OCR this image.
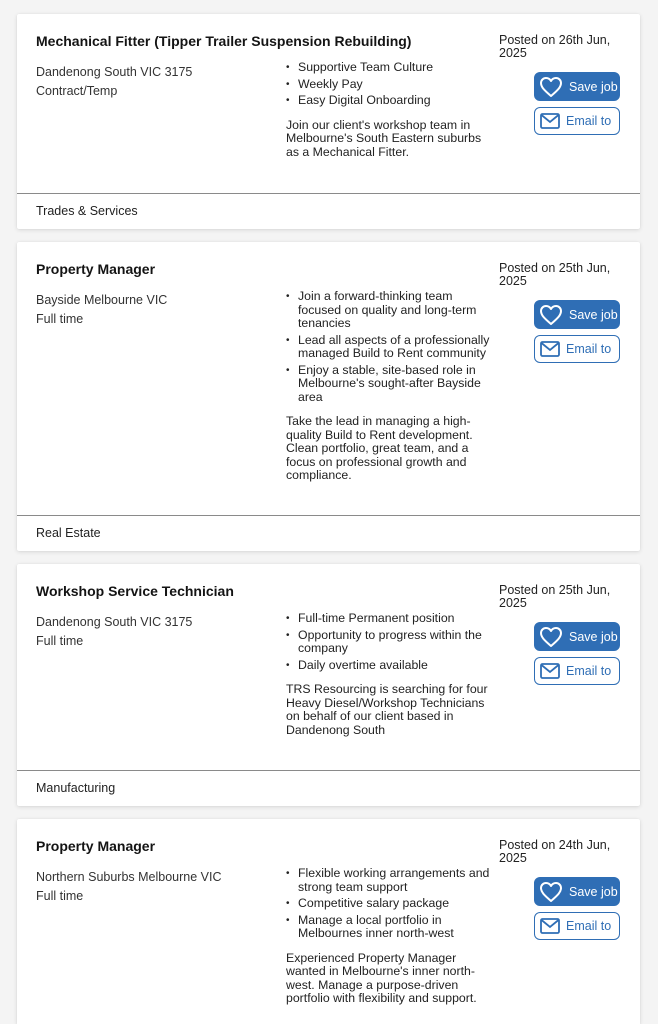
Mechanical Fitter (Tipper Trailer Suspension Rebuilding)
Dandenong South VIC 3175
Contract/Temp
• Supportive Team Culture
• Weekly Pay
• Easy Digital Onboarding
Join our client's workshop team in Melbourne's South Eastern suburbs as a Mechanical Fitter.
Posted on 26th Jun, 2025
Save job
Email to
Trades & Services
Property Manager
Bayside Melbourne VIC
Full time
• Join a forward-thinking team focused on quality and long-term tenancies
• Lead all aspects of a professionally managed Build to Rent community
• Enjoy a stable, site-based role in Melbourne's sought-after Bayside area
Take the lead in managing a high-quality Build to Rent development. Clean portfolio, great team, and a focus on professional growth and compliance.
Posted on 25th Jun, 2025
Save job
Email to
Real Estate
Workshop Service Technician
Dandenong South VIC 3175
Full time
• Full-time Permanent position
• Opportunity to progress within the company
• Daily overtime available
TRS Resourcing is searching for four Heavy Diesel/Workshop Technicians on behalf of our client based in Dandenong South
Posted on 25th Jun, 2025
Save job
Email to
Manufacturing
Property Manager
Northern Suburbs Melbourne VIC
Full time
• Flexible working arrangements and strong team support
• Competitive salary package
• Manage a local portfolio in Melbournes inner north-west
Experienced Property Manager wanted in Melbourne's inner north-west. Manage a purpose-driven portfolio with flexibility and support.
Posted on 24th Jun, 2025
Save job
Email to
